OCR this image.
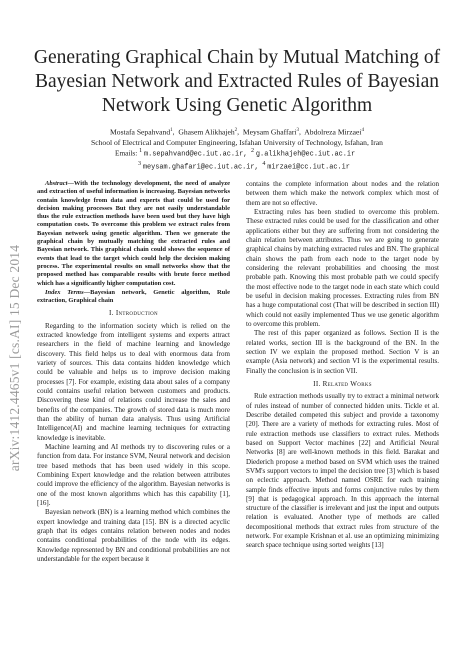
Generating Graphical Chain by Mutual Matching of Bayesian Network and Extracted Rules of Bayesian Network Using Genetic Algorithm
Mostafa Sepahvand$^1$,  Ghasem Alikhajeh$^2$,  Meysam Ghaffari$^3$,  Abdolreza Mirzaei$^4$
School of Electrical and Computer Engineering, Isfahan University of Technology, Isfahan, Iran
Emails: $^1$ m.sepahvand@ec.iut.ac.ir, $^2$ g.alikhajeh@ec.iut.ac.ir
$^3$ meysam.ghafari@ec.iut.ac.ir, $^4$ mirzaei@cc.iut.ac.ir
arXiv:1412.4465v1 [cs.AI] 15 Dec 2014

Abstract—With the technology development, the need of analyze and extraction of useful information is increasing. Bayesian networks contain knowledge from data and experts that could be used for decision making processes But they are not easily understandable thus the rule extraction methods have been used but they have high computation costs. To overcome this problem we extract rules from Bayesian network using genetic algorithm. Then we generate the graphical chain by mutually matching the extracted rules and Bayesian network. This graphical chain could shows the sequence of events that lead to the target which could help the decision making process. The experimental results on small networks show that the proposed method has comparable results with brute force method which has a significantly higher computation cost.

Index Terms—Bayesian network, Genetic algorithm, Rule extraction, Graphical chain

I. Introduction

Regarding to the information society which is relied on the extracted knowledge from intelligent systems and experts attract researchers in the field of machine learning and knowledge discovery. This field helps us to deal with enormous data from variety of sources. This data contains hidden knowledge which could be valuable and helps us to improve decision making processes [7]. For example, existing data about sales of a company could contains useful relation between customers and products. Discovering these kind of relations could increase the sales and benefits of the companies. The growth of stored data is much more than the ability of human data analysis. Thus using Artificial Intelligence(AI) and machine learning techniques for extracting knowledge is inevitable.

Machine learning and AI methods try to discovering rules or a function from data. For instance SVM, Neural network and decision tree based methods that has been used widely in this scope. Combining Expert knowledge and the relation between attributes could improve the efficiency of the algorithm. Bayesian networks is one of the most known algorithms which has this capability [1], [16].

Bayesian network (BN) is a learning method which combines the expert knowledge and training data [15]. BN is a directed acyclic graph that its edges contains relation between nodes and nodes contains conditional probabilities of the node with its edges. Knowledge represented by BN and conditional probabilities are not understandable for the expert because it

contains the complete information about nodes and the relation between them which make the network complex which most of them are not so effective.

Extracting rules has been studied to overcome this problem. These extracted rules could be used for the classification and other applications either but they are suffering from not considering the chain relation between attributes. Thus we are going to generate graphical chains by matching extracted rules and BN. The graphical chain shows the path from each node to the target node by considering the relevant probabilities and choosing the most probable path. Knowing this most probable path we could specify the most effective node to the target node in each state which could be useful in decision making processes. Extracting rules from BN has a huge computational cost (That will be described in section III) which could not easily implemented Thus we use genetic algorithm to overcome this problem.

The rest of this paper organized as follows. Section II is the related works, section III is the background of the BN. In the section IV we explain the proposed method. Section V is an example (Asia network) and section VI is the experimental results. Finally the conclusion is in section VII.

II. Related Works

Rule extraction methods usually try to extract a minimal network of rules instead of number of connected hidden units. Tickle et al. Describe detailed competed this subject and provide a taxonomy [20]. There are a variety of methods for extracting rules. Most of rule extraction methods use classifiers to extract rules. Methods based on Support Vector machines [22] and Artificial Neural Networks [8] are well-known methods in this field. Barakat and Diederich propose a method based on SVM which uses the trained SVM's support vectors to impel the decision tree [3] which is based on eclectic approach. Method named OSRE for each training sample finds effective inputs and forms conjunctive rules by them [9] that is pedagogical approach. In this approach the internal structure of the classifier is irrelevant and just the input and outputs relation is evaluated. Another type of methods are called decompositional methods that extract rules from structure of the network. For example Krishnan et al. use an optimizing minimizing search space technique using sorted weights [13]
